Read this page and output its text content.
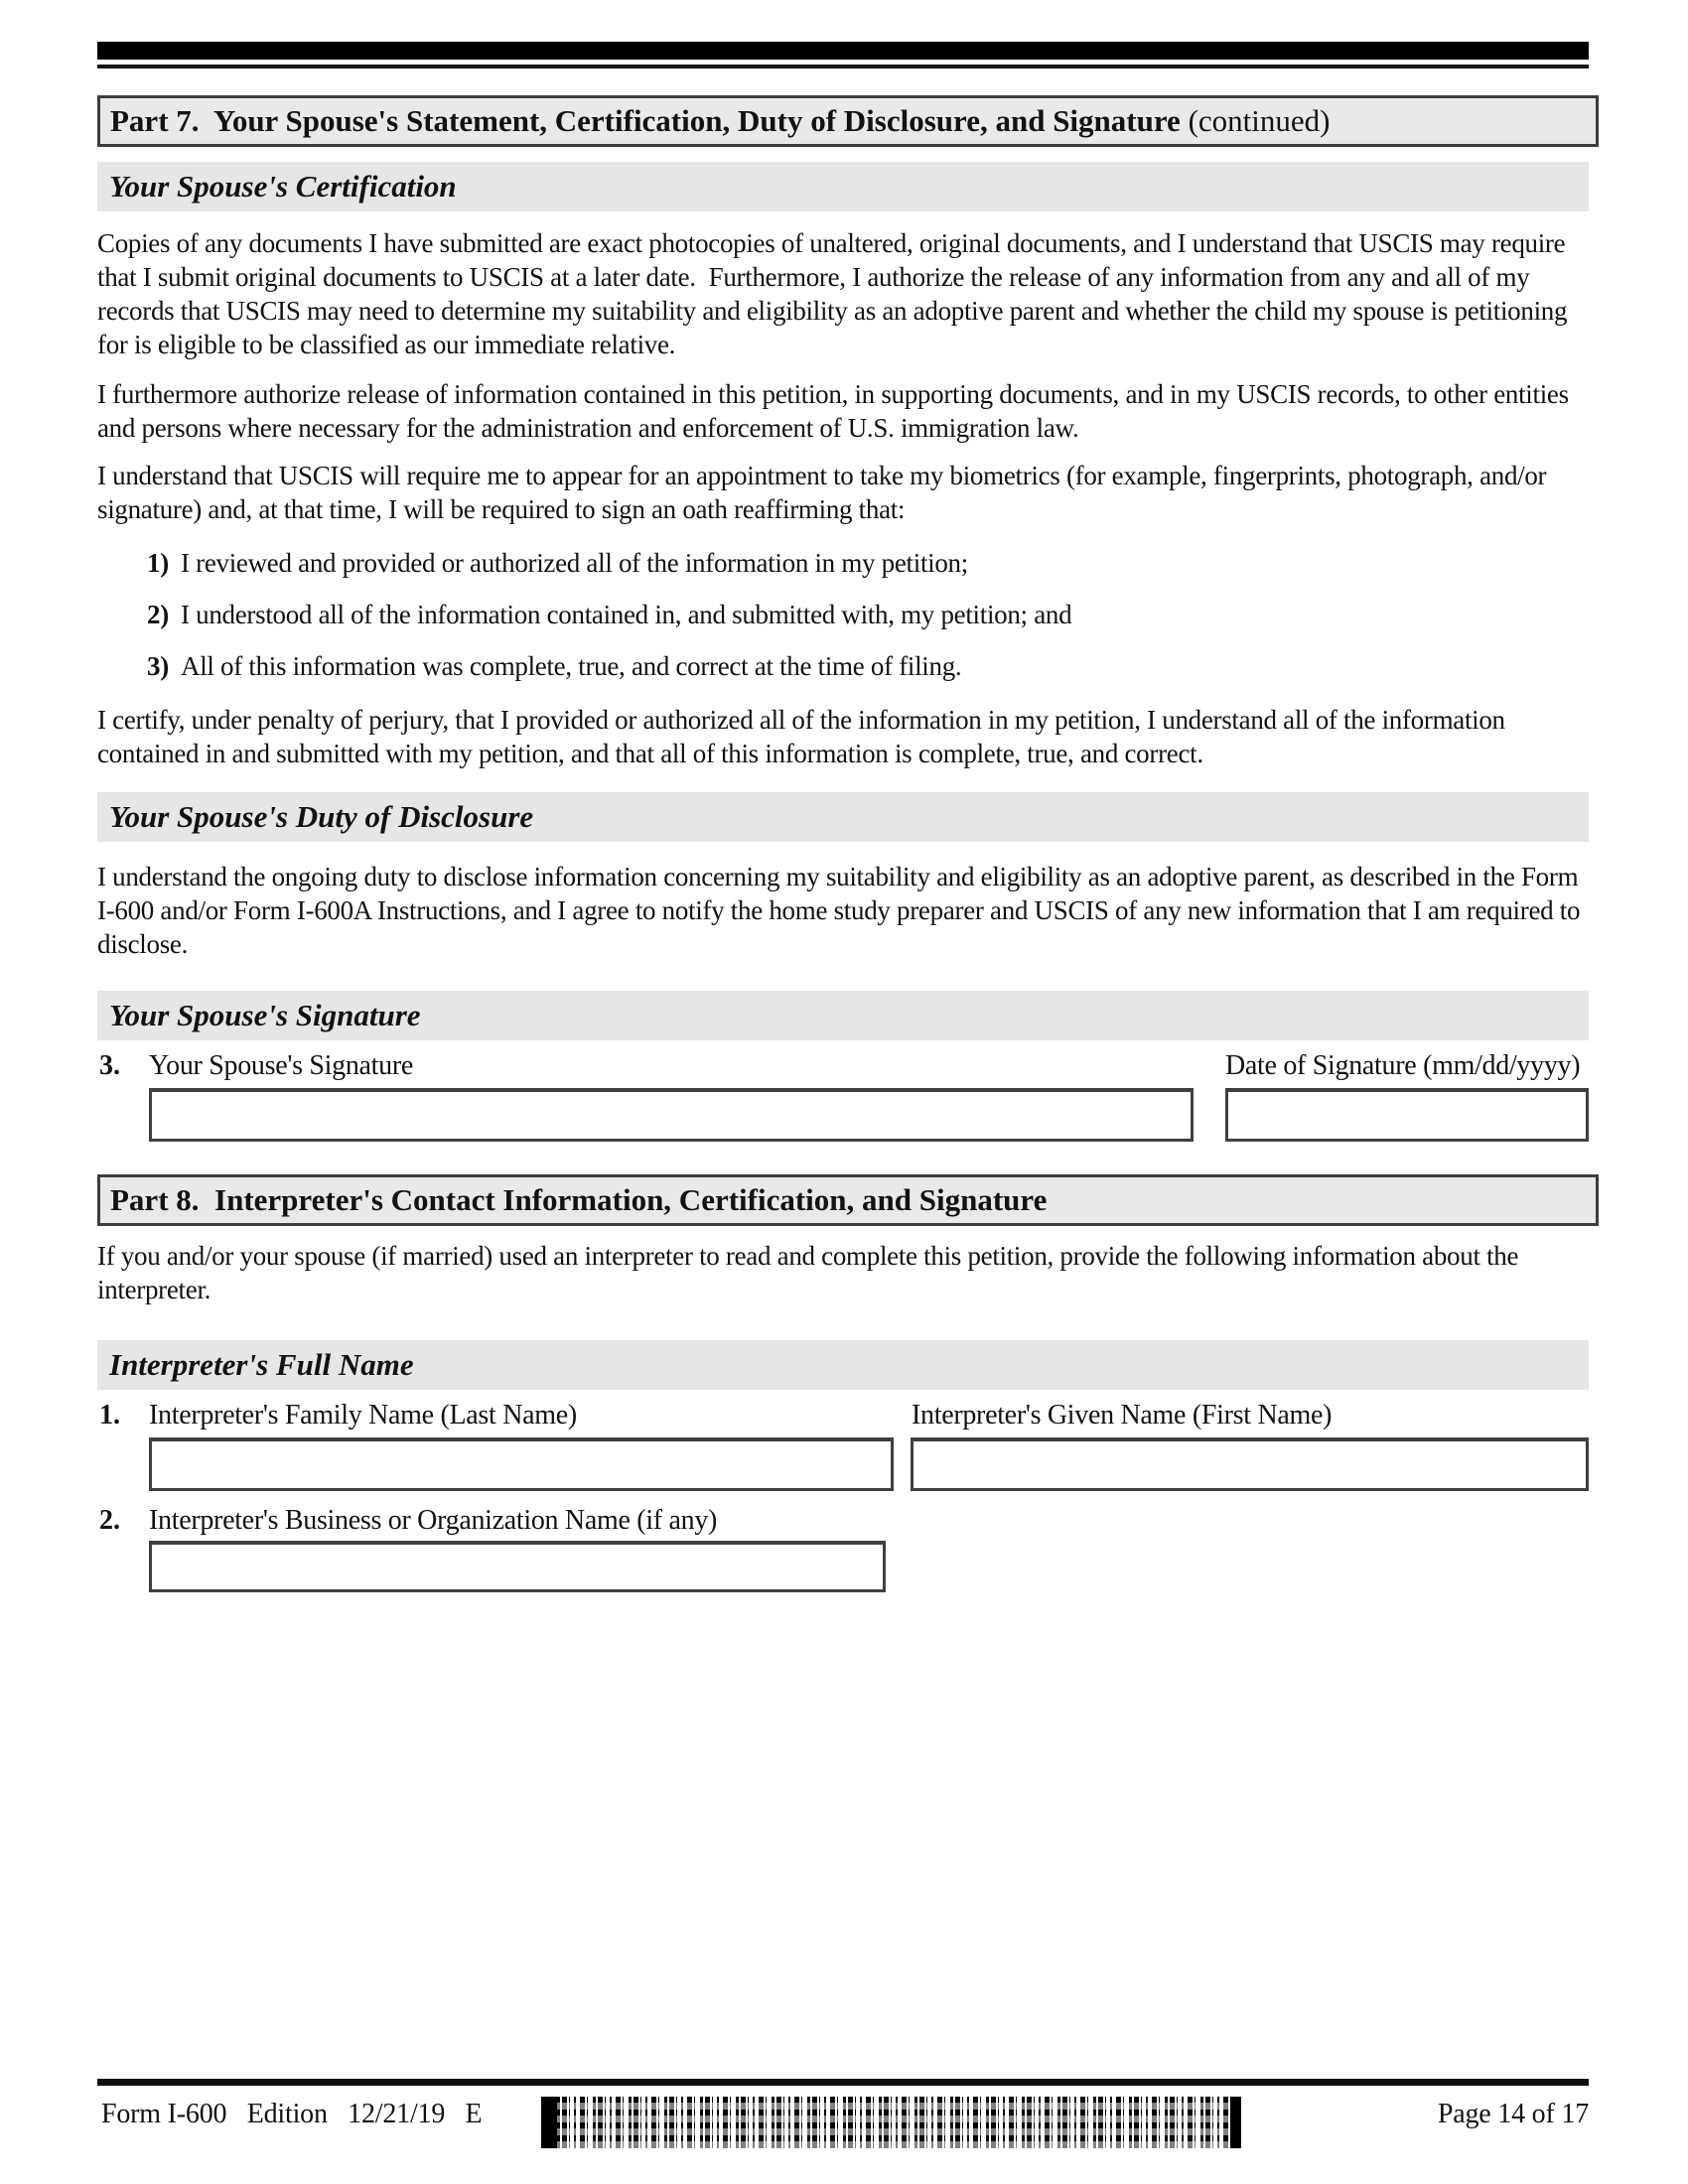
Part 7.  Your Spouse's Statement, Certification, Duty of Disclosure, and Signature (continued)
Your Spouse's Certification
Copies of any documents I have submitted are exact photocopies of unaltered, original documents, and I understand that USCIS may require that I submit original documents to USCIS at a later date.  Furthermore, I authorize the release of any information from any and all of my records that USCIS may need to determine my suitability and eligibility as an adoptive parent and whether the child my spouse is petitioning for is eligible to be classified as our immediate relative.
I furthermore authorize release of information contained in this petition, in supporting documents, and in my USCIS records, to other entities and persons where necessary for the administration and enforcement of U.S. immigration law.
I understand that USCIS will require me to appear for an appointment to take my biometrics (for example, fingerprints, photograph, and/or signature) and, at that time, I will be required to sign an oath reaffirming that:
1) I reviewed and provided or authorized all of the information in my petition;
2) I understood all of the information contained in, and submitted with, my petition; and
3) All of this information was complete, true, and correct at the time of filing.
I certify, under penalty of perjury, that I provided or authorized all of the information in my petition, I understand all of the information contained in and submitted with my petition, and that all of this information is complete, true, and correct.
Your Spouse's Duty of Disclosure
I understand the ongoing duty to disclose information concerning my suitability and eligibility as an adoptive parent, as described in the Form I-600 and/or Form I-600A Instructions, and I agree to notify the home study preparer and USCIS of any new information that I am required to disclose.
Your Spouse's Signature
3. Your Spouse's Signature	Date of Signature (mm/dd/yyyy)
Part 8.  Interpreter's Contact Information, Certification, and Signature
If you and/or your spouse (if married) used an interpreter to read and complete this petition, provide the following information about the interpreter.
Interpreter's Full Name
1. Interpreter's Family Name (Last Name)	Interpreter's Given Name (First Name)
2. Interpreter's Business or Organization Name (if any)
Form I-600   Edition   12/21/19   E	Page 14 of 17
